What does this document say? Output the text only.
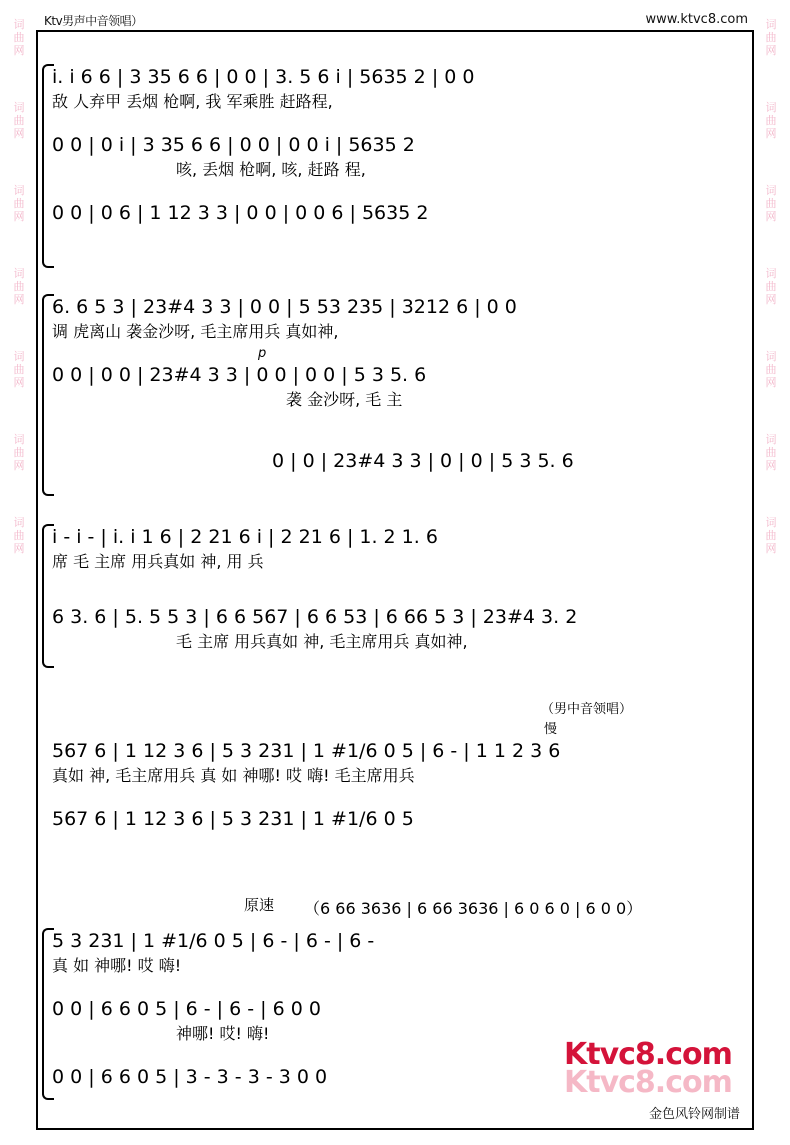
词
曲
网
词
曲
网
词
曲
网
词
曲
网
词
曲
网
词
曲
网
词
曲
网
词
曲
网
词
曲
网
词
曲
网
词
曲
网
词
曲
网
词
曲
网
词
曲
网
Ktv男声中音领唱）	www.ktvc8.com
i. i 6 6 | 3 35 6 6 | 0 0 | 3. 5 6 i | 5635 2 | 0 0
敌 人弃甲 丢烟 枪啊, 我 军乘胜 赶路程,
0 0 | 0 i | 3 35 6 6 | 0 0 | 0 0 i | 5635 2
咳, 丢烟 枪啊, 咳, 赶路 程,
0 0 | 0 6 | 1 12 3 3 | 0 0 | 0 0 6 | 5635 2
6. 6 5 3 | 23#4 3 3 | 0 0 | 5 53 235 | 3212 6 | 0 0
调 虎离山 袭金沙呀, 毛主席用兵 真如神,
p
0 0 | 0 0 | 23#4 3 3 | 0 0 | 0 0 | 5 3 5. 6
袭 金沙呀, 毛 主
0 | 0 | 23#4 3 3 | 0 | 0 | 5 3 5. 6
i - i - | i. i 1 6 | 2 21 6 i | 2 21 6 | 1. 2 1. 6
席 毛 主席 用兵真如 神, 用 兵
6 3. 6 | 5. 5 5 3 | 6 6 567 | 6 6 53 | 6 66 5 3 | 23#4 3. 2
毛 主席 用兵真如 神, 毛主席用兵 真如神,
（男中音领唱）
慢
567 6 | 1 12 3 6 | 5 3 231 | 1 #1/6 0 5 | 6 - | 1 1 2 3 6
真如 神, 毛主席用兵 真 如 神哪! 哎 嗨! 毛主席用兵
567 6 | 1 12 3 6 | 5 3 231 | 1 #1/6 0 5
原速 （6 66 3636 | 6 66 3636 | 6 0 6 0 | 6 0 0）
5 3 231 | 1 #1/6 0 5 | 6 - | 6 - | 6 -
真 如 神哪! 哎 嗨!
0 0 | 6 6 0 5 | 6 - | 6 - | 6 0 0
神哪! 哎! 嗨!
0 0 | 6 6 0 5 | 3 - 3 - 3 - 3 0 0
Ktvc8.com
Ktvc8.com
金色风铃网制谱
